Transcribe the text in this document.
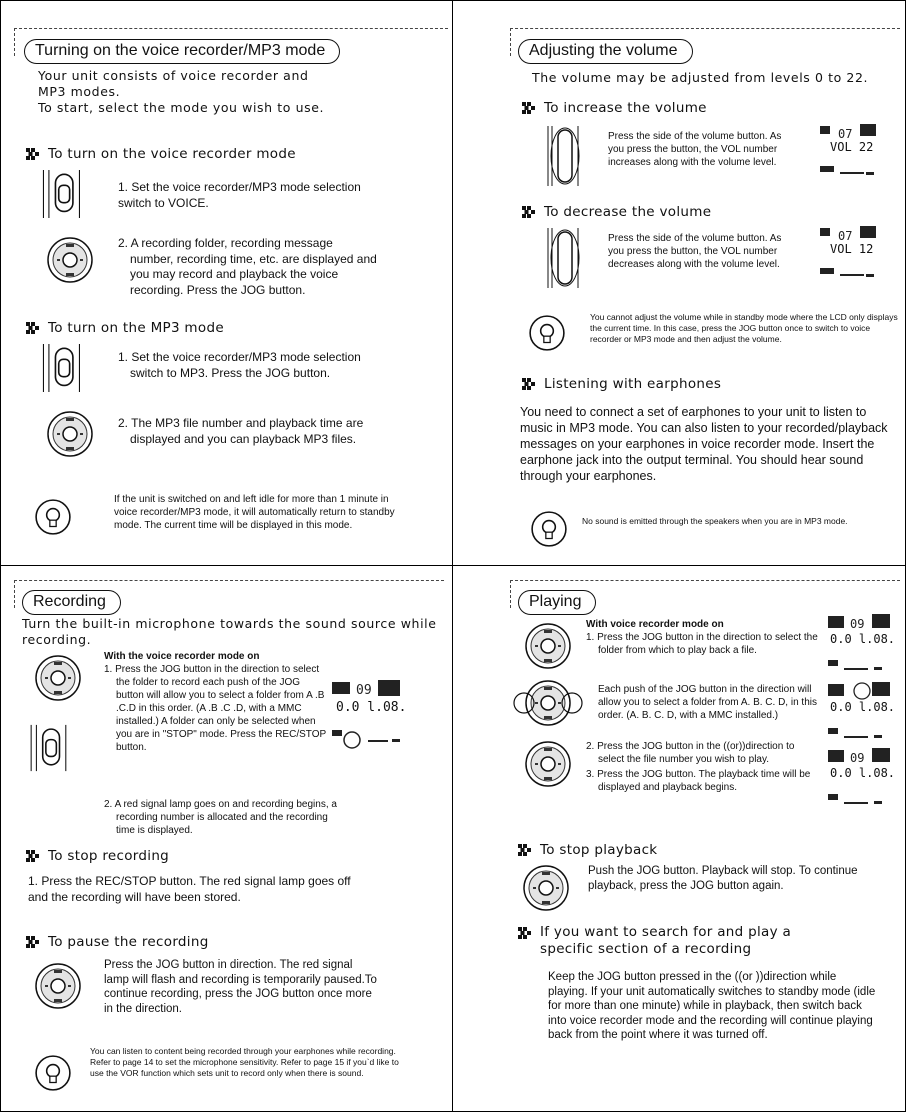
Turning on the voice recorder/MP3 mode
Your unit consists of voice recorder and
MP3 modes.
To start, select the mode you wish to use.
To turn on the voice recorder mode
1. Set the voice recorder/MP3 mode selection switch to VOICE.
2. A recording folder, recording message number, recording time, etc. are displayed and you may record and playback the voice recording. Press the JOG button.
To turn on the MP3 mode
1. Set the voice recorder/MP3 mode selection switch to MP3. Press the JOG button.
2. The MP3 file number and playback time are displayed and you can playback MP3 files.
If the unit is switched on and left idle for more than 1 minute in voice recorder/MP3 mode, it will automatically return to standby mode. The current time will be displayed in this mode.
Adjusting the volume
The volume may be adjusted from levels 0 to 22.
To increase the volume
Press the side of the volume button. As you press the button, the VOL number increases along with the volume level.
07
VOL 22
To decrease the volume
Press the side of the volume button. As you press the button, the VOL number decreases along with the volume level.
07
VOL 12
You cannot adjust the volume while in standby mode where the LCD only displays the current time. In this case, press the JOG button once to switch to voice recorder or MP3 mode and then adjust the volume.
Listening with earphones
You need to connect a set of earphones to your unit to listen to music in MP3 mode. You can also listen to your recorded/playback messages on your earphones in voice recorder mode. Insert the earphone jack into the output terminal. You should hear sound through your earphones.
No sound is emitted through the speakers when you are in MP3 mode.
Recording
Turn the built-in microphone towards the sound source while recording.
With the voice recorder mode on
1. Press the JOG button in the direction to select the folder to record each push of the JOG button will allow you to select a folder from A .B .C.D in this order. (A .B .C .D, with a MMC installed.) A folder can only be selected when you are in "STOP" mode. Press the REC/STOP button.
2. A red signal lamp goes on and recording begins, a recording number is allocated and the recording time is displayed.
09
0.0 l.08.
To stop recording
1. Press the REC/STOP button. The red signal lamp goes off and the recording will have been stored.
To pause the recording
Press the JOG button in direction. The red signal lamp will flash and recording is temporarily paused.To continue recording, press the JOG button once more in the direction.
You can listen to content being recorded through your earphones while recording. Refer to page 14 to set the microphone sensitivity. Refer to page 15 if you`d like to use the VOR function which sets unit to record only when there is sound.
Playing
With voice recorder mode on
1. Press the JOG button in the direction to select the folder from which to play back a file.
Each push of the JOG button in the direction will allow you to select a folder from A. B. C. D, in this order. (A. B. C. D, with a MMC installed.)
2. Press the JOG button in the ((or))direction to select the file number you wish to play.
3. Press the JOG button. The playback time will be displayed and playback begins.
09
0.0 l.08.
0.0 l.08.
09
0.0 l.08.
To stop playback
Push the JOG button. Playback will stop. To continue playback, press the JOG button again.
If you want to search for and play a specific section of a recording
Keep the JOG button pressed in the ((or ))direction while playing. If your unit automatically switches to standby mode (idle for more than one minute) while in playback, then switch back into voice recorder mode and the recording will continue playing back from the point where it was turned off.
